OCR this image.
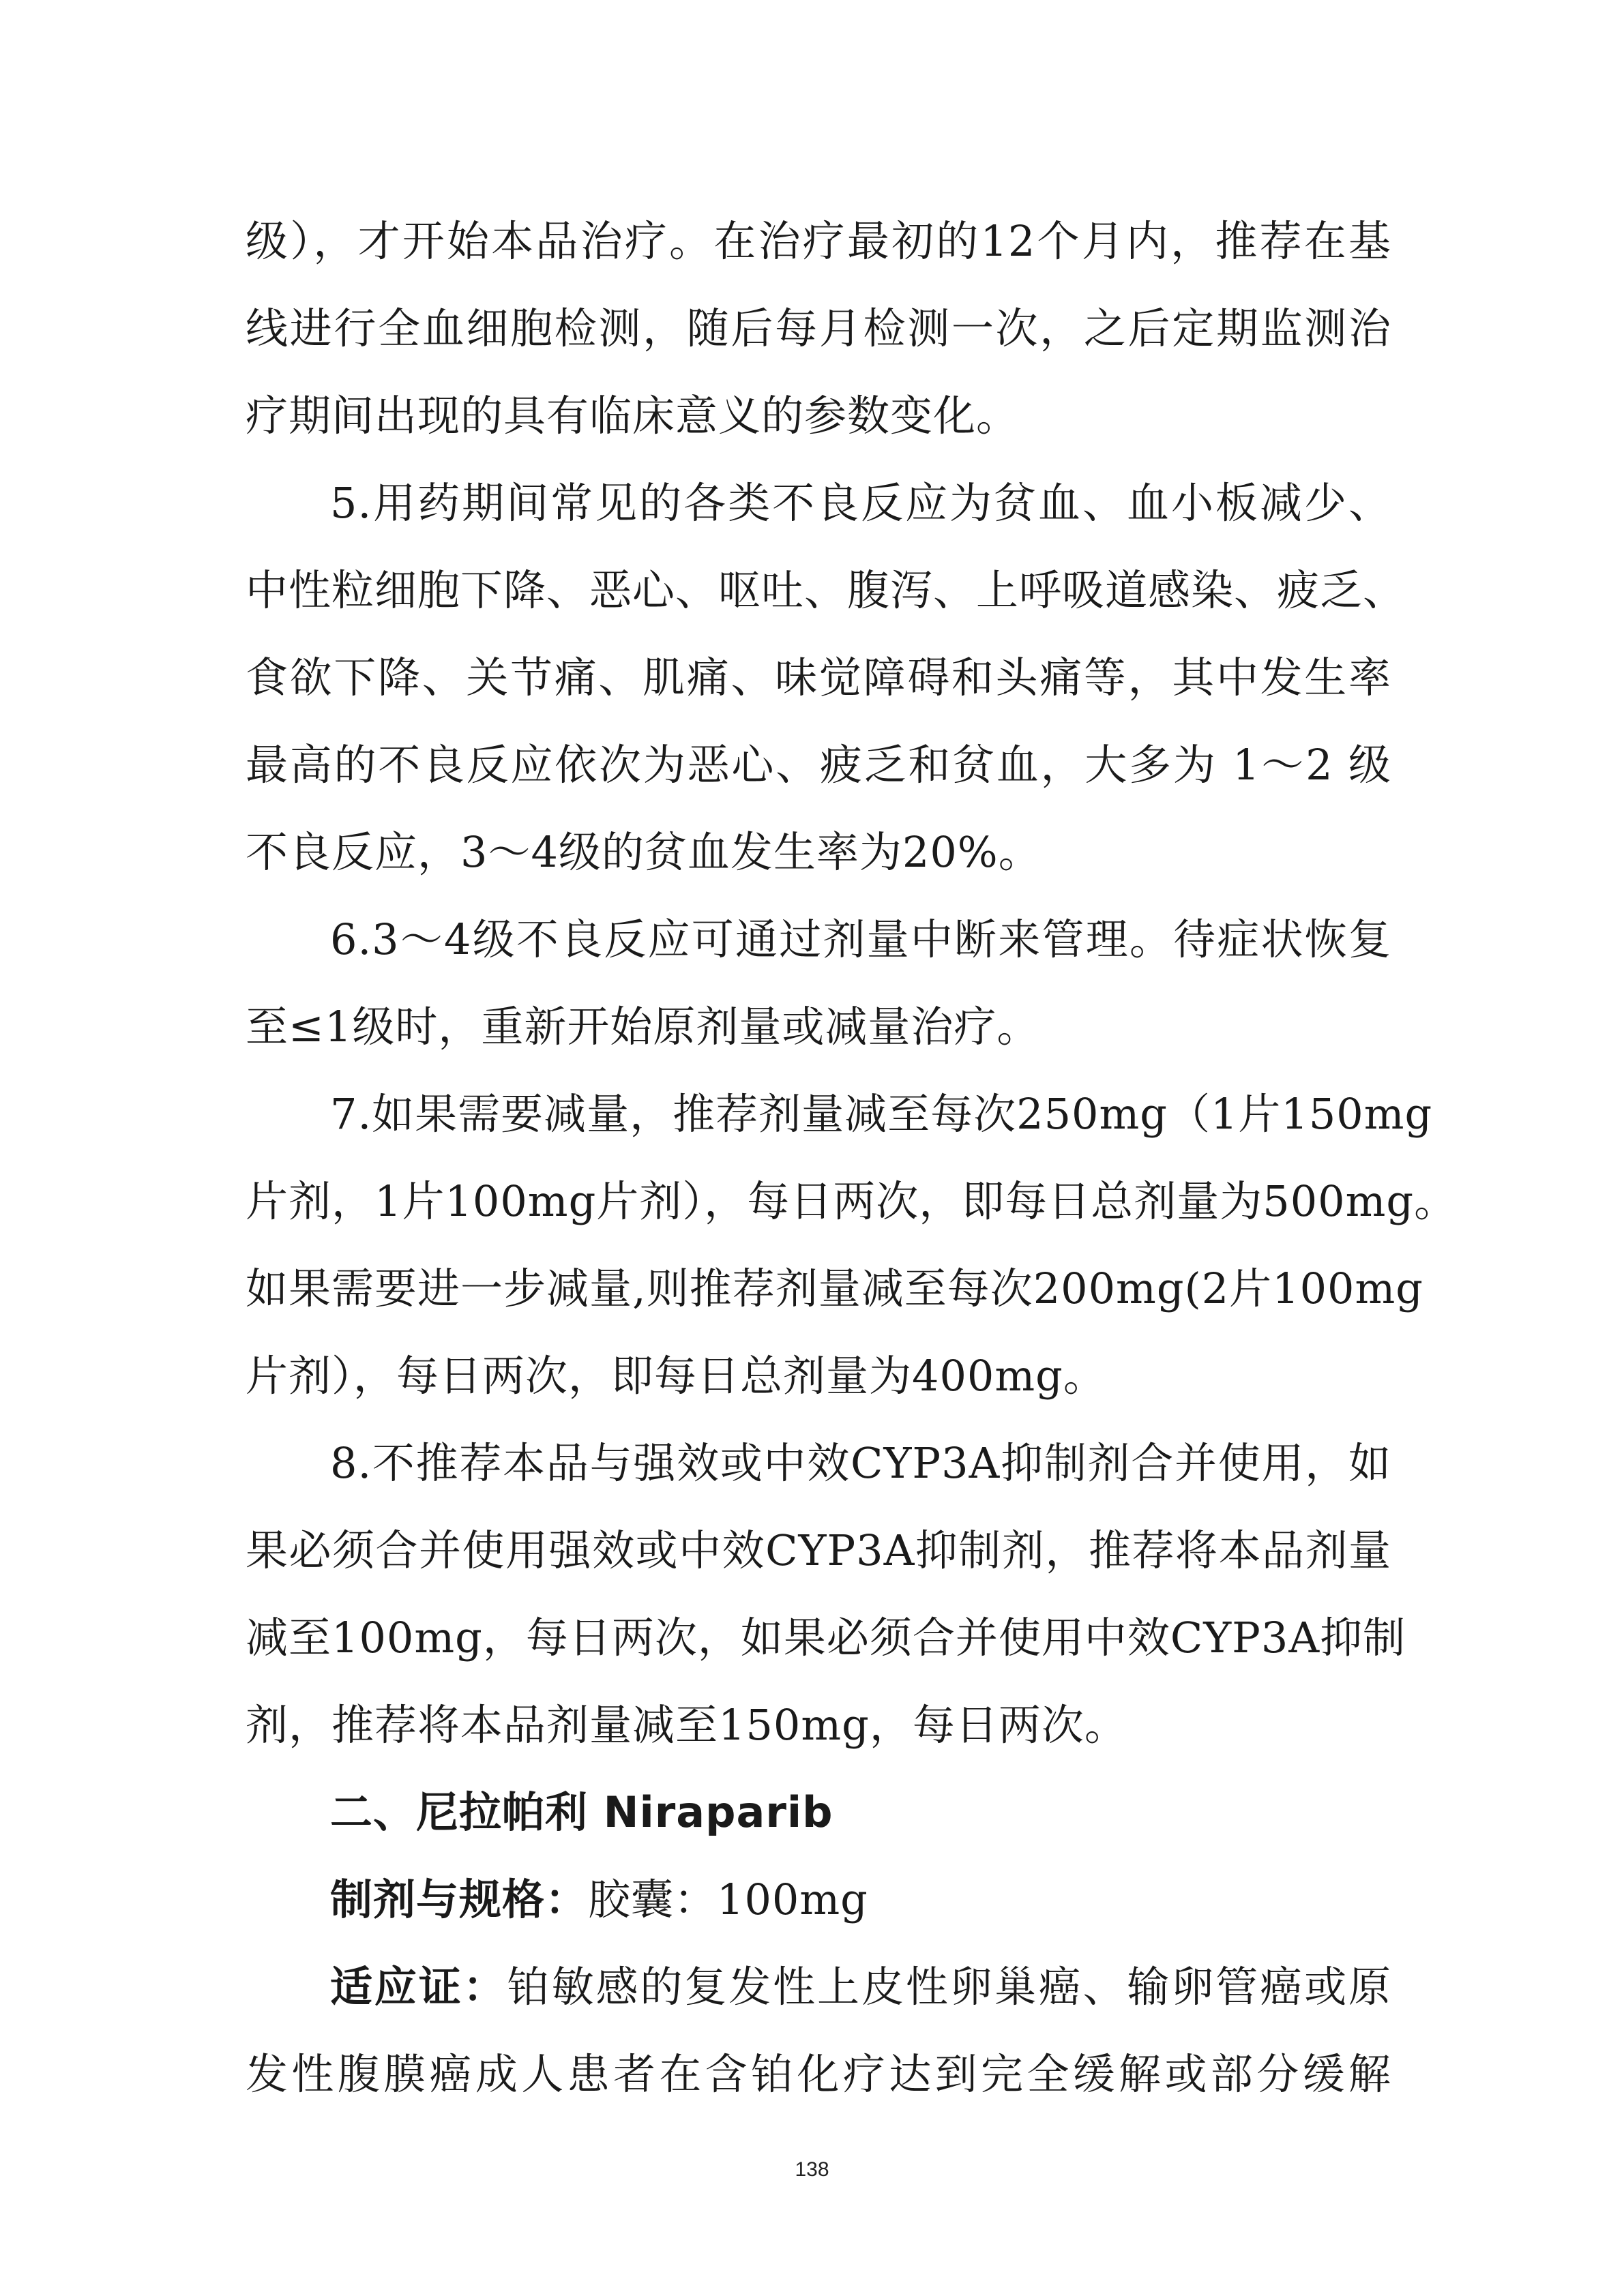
级），才开始本品治疗。在治疗最初的12个月内，推荐在基
线进行全血细胞检测，随后每月检测一次，之后定期监测治
疗期间出现的具有临床意义的参数变化。
5.用药期间常见的各类不良反应为贫血、血小板减少、
中性粒细胞下降、恶心、呕吐、腹泻、上呼吸道感染、疲乏、
食欲下降、关节痛、肌痛、味觉障碍和头痛等，其中发生率
最高的不良反应依次为恶心、疲乏和贫血，大多为 1～2 级
不良反应，3～4级的贫血发生率为20%。
6.3～4级不良反应可通过剂量中断来管理。待症状恢复
至≤1级时，重新开始原剂量或减量治疗。
7.如果需要减量，推荐剂量减至每次250mg（1片150mg
片剂，1片100mg片剂），每日两次，即每日总剂量为500mg。
如果需要进一步减量,则推荐剂量减至每次200mg(2片100mg
片剂），每日两次，即每日总剂量为400mg。
8.不推荐本品与强效或中效CYP3A抑制剂合并使用，如
果必须合并使用强效或中效CYP3A抑制剂，推荐将本品剂量
减至100mg，每日两次，如果必须合并使用中效CYP3A抑制
剂，推荐将本品剂量减至150mg，每日两次。
二、尼拉帕利 Niraparib
制剂与规格：胶囊：100mg
适应证：铂敏感的复发性上皮性卵巢癌、输卵管癌或原
发性腹膜癌成人患者在含铂化疗达到完全缓解或部分缓解
138
